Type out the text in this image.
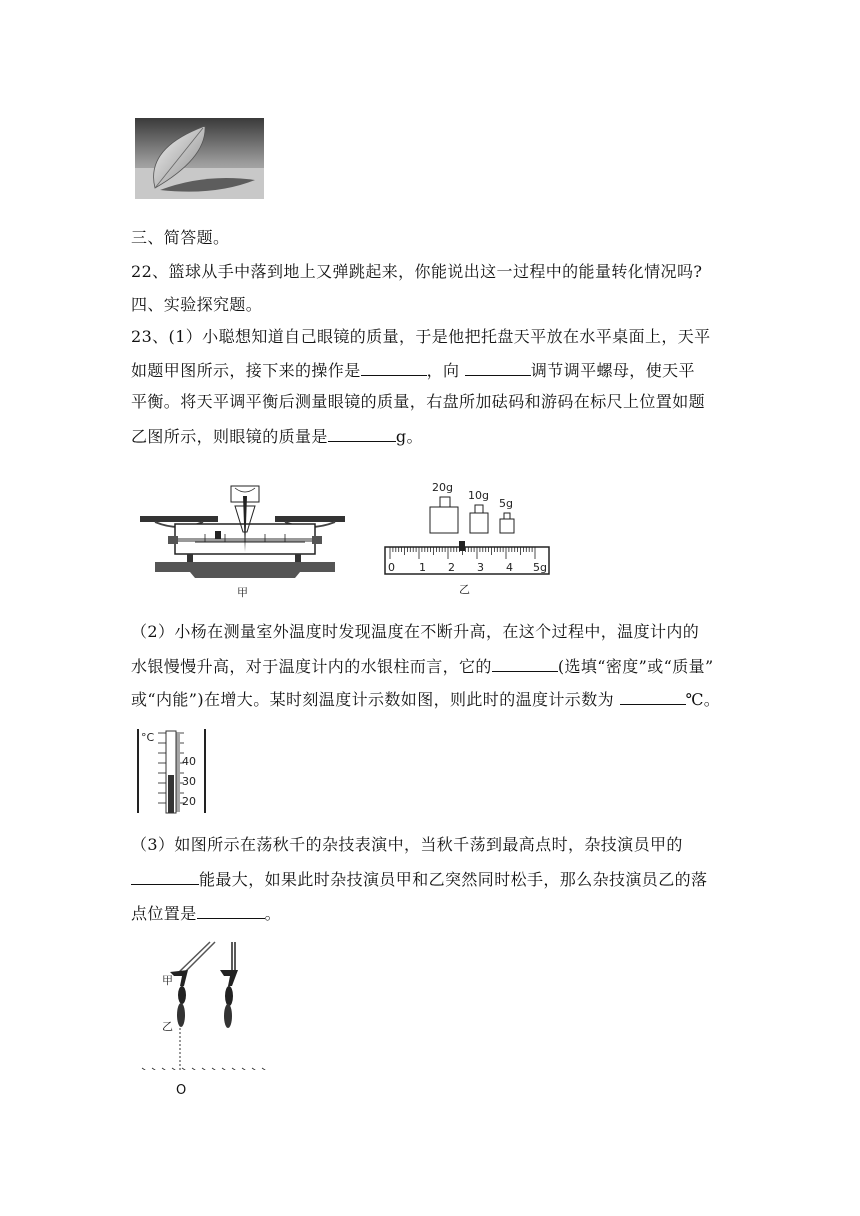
三、简答题。
22、篮球从手中落到地上又弹跳起来，你能说出这一过程中的能量转化情况吗?
四、实验探究题。
23、(1）小聪想知道自己眼镜的质量，于是他把托盘天平放在水平桌面上，天平
如题甲图所示，接下来的操作是	，向	调节调平螺母，使天平
平衡。将天平调平衡后测量眼镜的质量，右盘所加砝码和游码在标尺上位置如题
乙图所示，则眼镜的质量是	g。
甲
20g
10g
5g
0 1 2 3 4 5g
乙
（2）小杨在测量室外温度时发现温度在不断升高，在这个过程中，温度计内的
水银慢慢升高，对于温度计内的水银柱而言，它的	(选填“密度”或“质量”
或“内能”)在增大。某时刻温度计示数如图，则此时的温度计示数为	℃。
°C
40
30
20
（3）如图所示在荡秋千的杂技表演中，当秋千荡到最高点时，杂技演员甲的
能最大，如果此时杂技演员甲和乙突然同时松手，那么杂技演员乙的落
点位置是	。
甲
乙
O
